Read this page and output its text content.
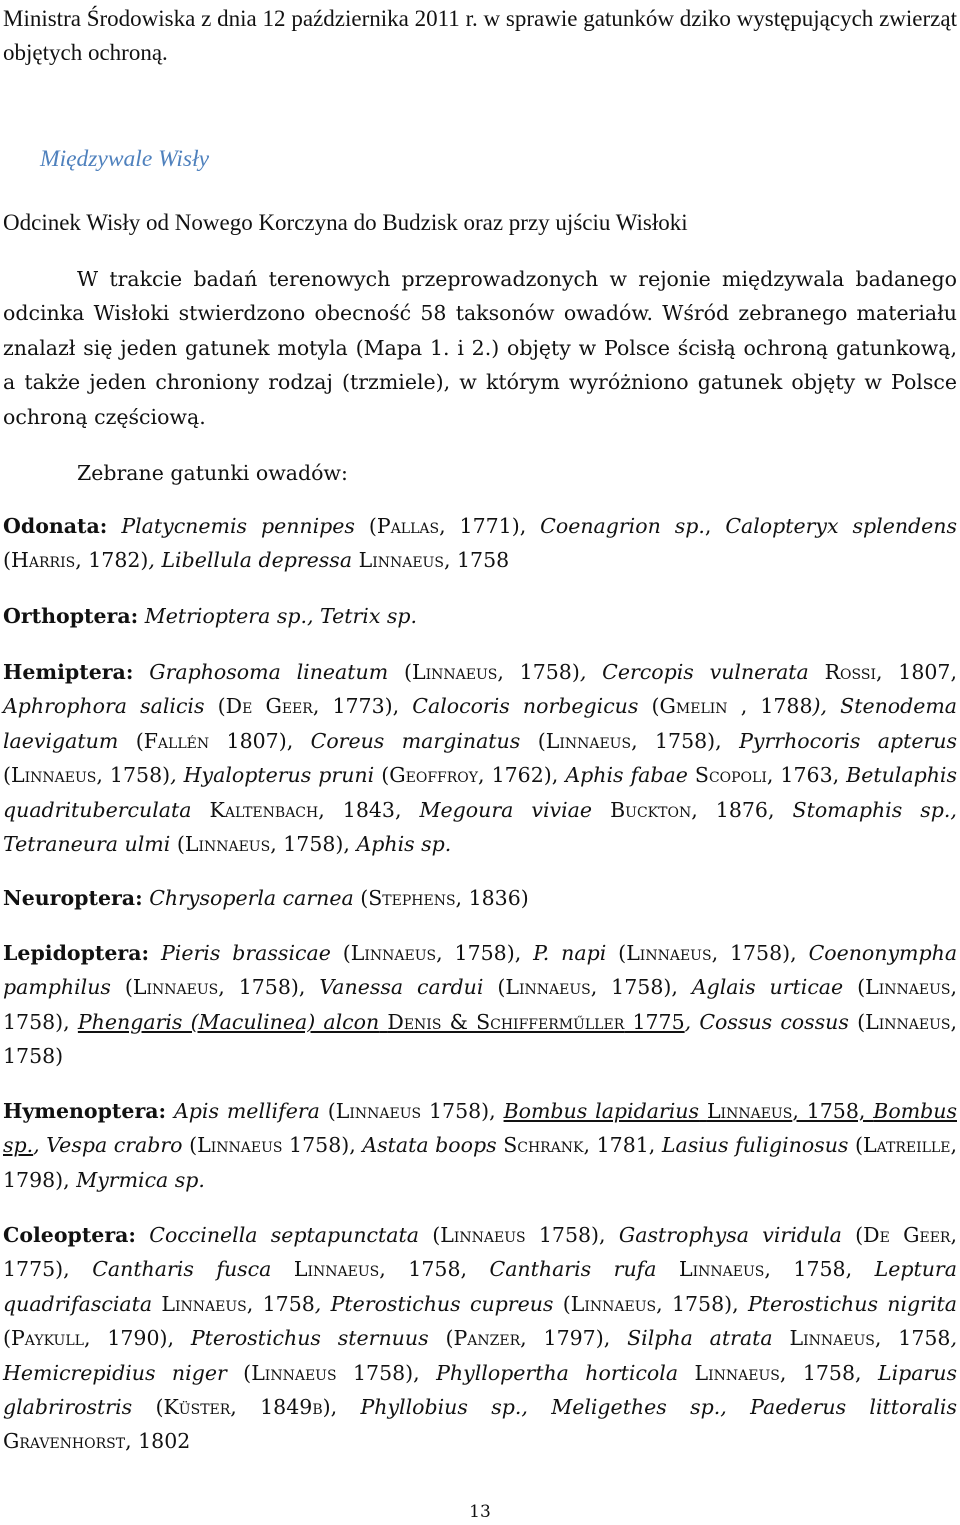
Ministra Środowiska z dnia 12 października 2011 r. w sprawie gatunków dziko występujących zwierząt objętych ochroną.

Międzywale Wisły

Odcinek Wisły od Nowego Korczyna do Budzisk oraz przy ujściu Wisłoki

W trakcie badań terenowych przeprowadzonych w rejonie międzywala badanego odcinka Wisłoki stwierdzono obecność 58 taksonów owadów. Wśród zebranego materiału znalazł się jeden gatunek motyla (Mapa 1. i 2.) objęty w Polsce ścisłą ochroną gatunkową, a także jeden chroniony rodzaj (trzmiele), w którym wyróżniono gatunek objęty w Polsce ochroną częściową.

Zebrane gatunki owadów:

Odonata: Platycnemis pennipes (Pallas, 1771), Coenagrion sp., Calopteryx splendens (Harris, 1782), Libellula depressa Linnaeus, 1758

Orthoptera: Metrioptera sp., Tetrix sp.

Hemiptera: Graphosoma lineatum (Linnaeus, 1758), Cercopis vulnerata Rossi, 1807, Aphrophora salicis (De Geer, 1773), Calocoris norbegicus (Gmelin , 1788), Stenodema laevigatum (Fallén 1807), Coreus marginatus (Linnaeus, 1758), Pyrrhocoris apterus (Linnaeus, 1758), Hyalopterus pruni (Geoffroy, 1762), Aphis fabae Scopoli, 1763, Betulaphis quadrituberculata Kaltenbach, 1843, Megoura viviae Buckton, 1876, Stomaphis sp., Tetraneura ulmi (Linnaeus, 1758), Aphis sp.

Neuroptera: Chrysoperla carnea (Stephens, 1836)

Lepidoptera: Pieris brassicae (Linnaeus, 1758), P. napi (Linnaeus, 1758), Coenonympha pamphilus (Linnaeus, 1758), Vanessa cardui (Linnaeus, 1758), Aglais urticae (Linnaeus, 1758), Phengaris (Maculinea) alcon Denis & Schifferműller 1775, Cossus cossus (Linnaeus, 1758)

Hymenoptera: Apis mellifera (Linnaeus 1758), Bombus lapidarius Linnaeus, 1758, Bombus sp., Vespa crabro (Linnaeus 1758), Astata boops Schrank, 1781, Lasius fuliginosus (Latreille, 1798), Myrmica sp.

Coleoptera: Coccinella septapunctata (Linnaeus 1758), Gastrophysa viridula (De Geer, 1775), Cantharis fusca Linnaeus, 1758, Cantharis rufa Linnaeus, 1758, Leptura quadrifasciata Linnaeus, 1758, Pterostichus cupreus (Linnaeus, 1758), Pterostichus nigrita (Paykull, 1790), Pterostichus sternuus (Panzer, 1797), Silpha atrata Linnaeus, 1758, Hemicrepidius niger (Linnaeus 1758), Phyllopertha horticola Linnaeus, 1758, Liparus glabrirostris (Küster, 1849b), Phyllobius sp., Meligethes sp., Paederus littoralis Gravenhorst, 1802

13
